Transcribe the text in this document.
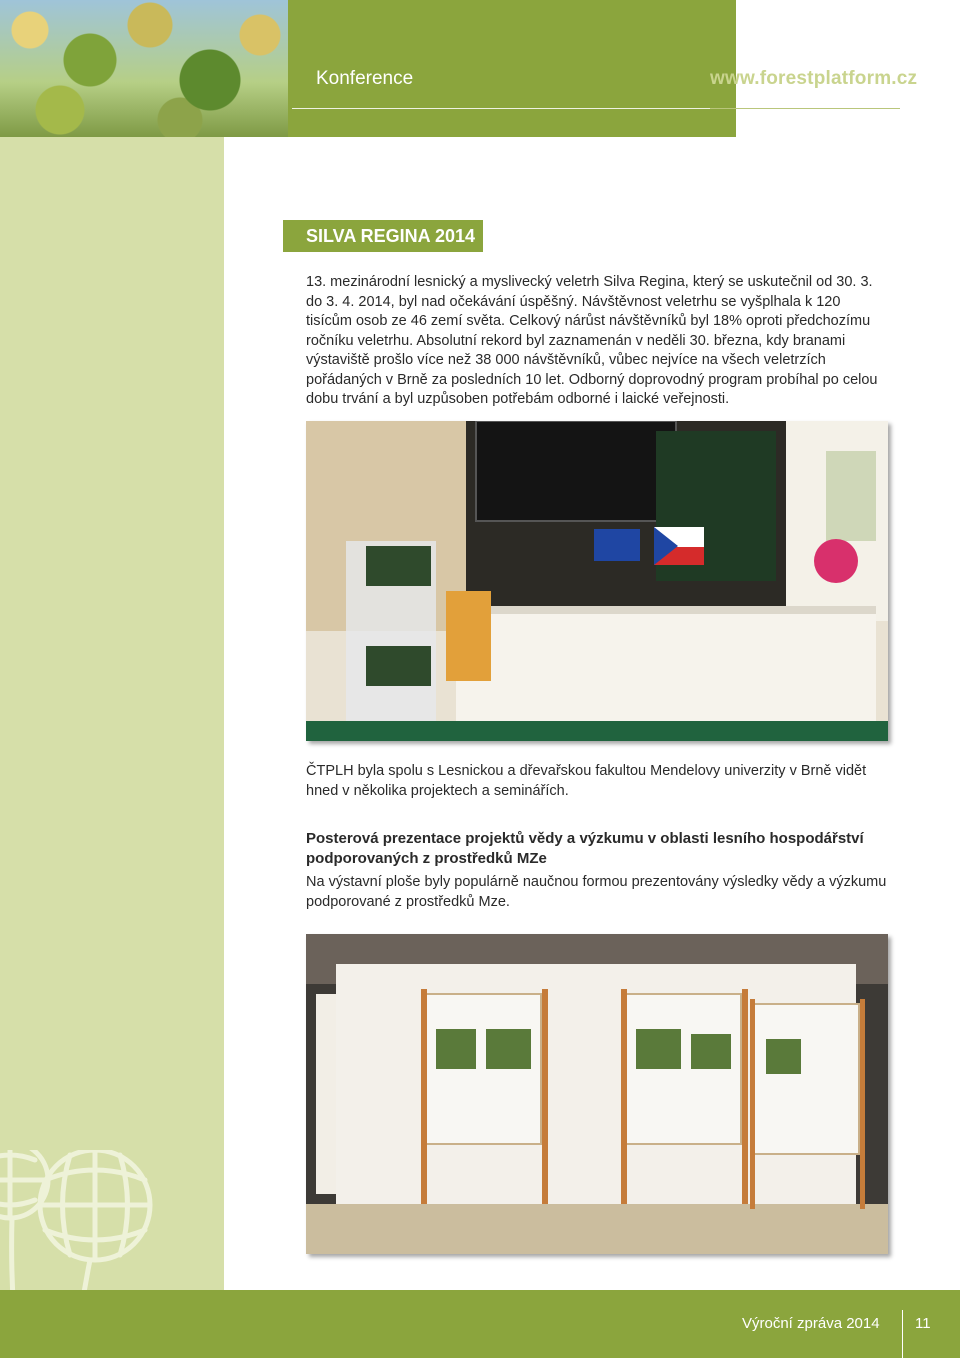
Konference	www.forestplatform.cz
SILVA REGINA 2014

13. mezinárodní lesnický a myslivecký veletrh Silva Regina, který se uskutečnil od 30. 3. do 3. 4. 2014, byl nad očekávání úspěšný. Návštěvnost veletrhu se vyšplhala k 120 tisícům osob ze 46 zemí světa. Celkový nárůst návštěvníků byl 18% oproti předchozímu ročníku veletrhu. Absolutní rekord byl zaznamenán v neděli 30. března, kdy branami výstaviště prošlo více než 38 000 návštěvníků, vůbec nejvíce na všech veletrzích pořádaných v Brně za posledních 10 let. Odborný doprovodný program probíhal po celou dobu trvání a byl uzpůsoben potřebám odborné i laické veřejnosti.

ČTPLH byla spolu s Lesnickou a dřevařskou fakultou Mendelovy univerzity v Brně vidět hned v několika projektech a seminářích.

Posterová prezentace projektů vědy a výzkumu v oblasti lesního hospodářství podporovaných z prostředků MZe

Na výstavní ploše byly populárně naučnou formou prezentovány výsledky vědy a výzkumu podporované z prostředků Mze.

Výroční zpráva 2014 11
